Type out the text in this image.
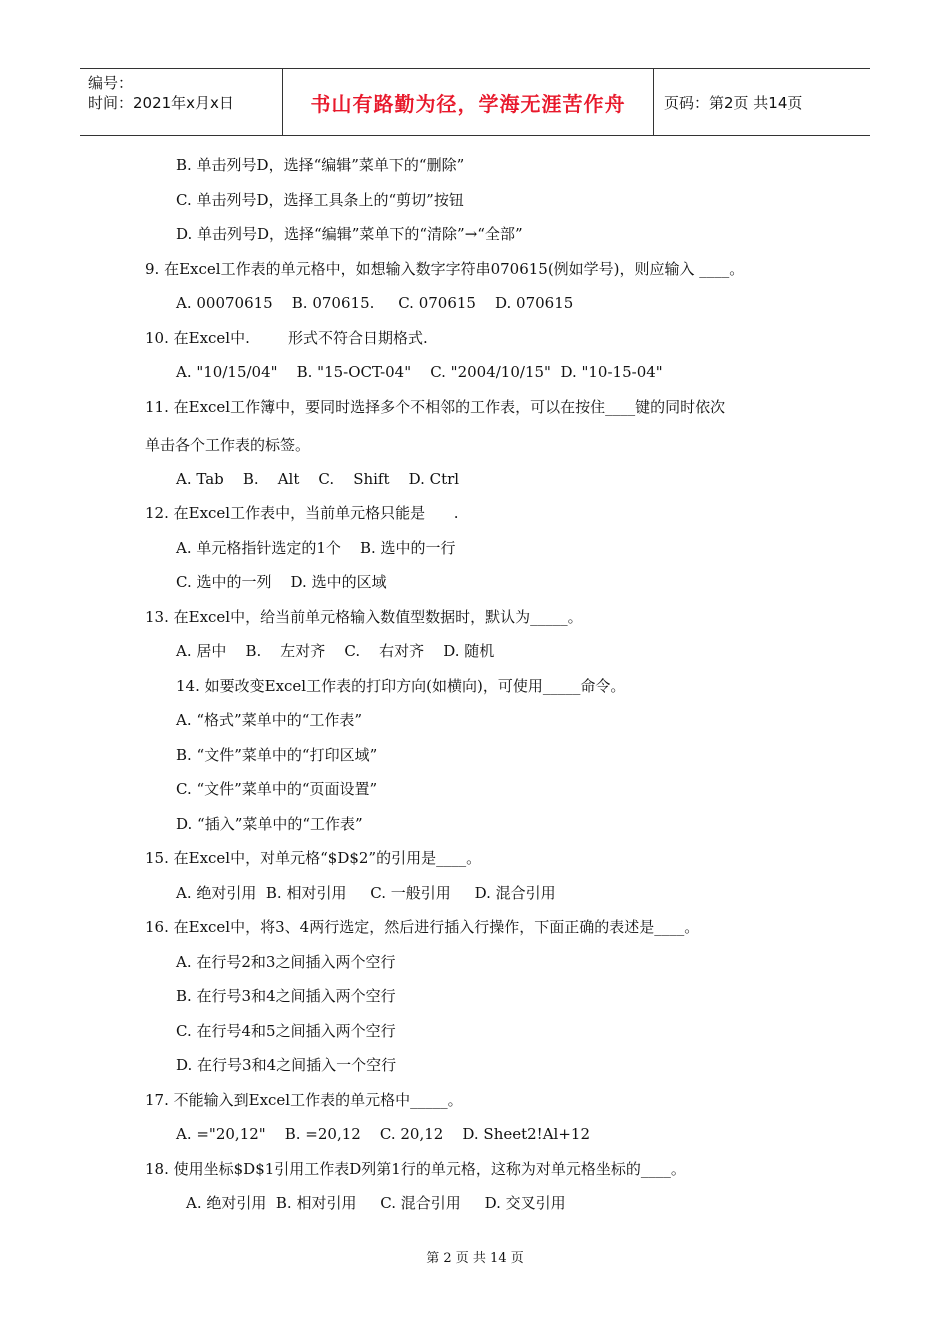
编号：
时间：2021年x月x日	书山有路勤为径，学海无涯苦作舟	页码：第2页 共14页
B. 单击列号D，选择“编辑”菜单下的“删除”
C. 单击列号D，选择工具条上的“剪切”按钮
D. 单击列号D，选择“编辑”菜单下的“清除”→“全部”
9. 在Excel工作表的单元格中，如想输入数字字符串070615(例如学号)，则应输入 ____。
A. 00070615    B. 070615.     C. 070615    D. 070615
10. 在Excel中.        形式不符合日期格式.
A. "10/15/04"    B. "15-OCT-04"    C. "2004/10/15"  D. "10-15-04"
11. 在Excel工作簿中，要同时选择多个不相邻的工作表，可以在按住____键的同时依次
单击各个工作表的标签。
A. Tab    B.    Alt    C.    Shift    D. Ctrl
12. 在Excel工作表中，当前单元格只能是      .
A. 单元格指针选定的1个    B. 选中的一行
C. 选中的一列    D. 选中的区域
13. 在Excel中，给当前单元格输入数值型数据时，默认为_____。
A. 居中    B.    左对齐    C.    右对齐    D. 随机
14. 如要改变Excel工作表的打印方向(如横向)，可使用_____命令。
A. “格式”菜单中的“工作表”
B. “文件”菜单中的“打印区域”
C. “文件”菜单中的“页面设置”
D. “插入”菜单中的“工作表”
15. 在Excel中，对单元格“$D$2”的引用是____。
A. 绝对引用  B. 相对引用     C. 一般引用     D. 混合引用
16. 在Excel中，将3、4两行选定，然后进行插入行操作，下面正确的表述是____。
A. 在行号2和3之间插入两个空行
B. 在行号3和4之间插入两个空行
C. 在行号4和5之间插入两个空行
D. 在行号3和4之间插入一个空行
17. 不能输入到Excel工作表的单元格中_____。
A. ="20,12"    B. =20,12    C. 20,12    D. Sheet2!Al+12
18. 使用坐标$D$1引用工作表D列第1行的单元格，这称为对单元格坐标的____。
A. 绝对引用  B. 相对引用     C. 混合引用     D. 交叉引用
第 2 页 共 14 页
